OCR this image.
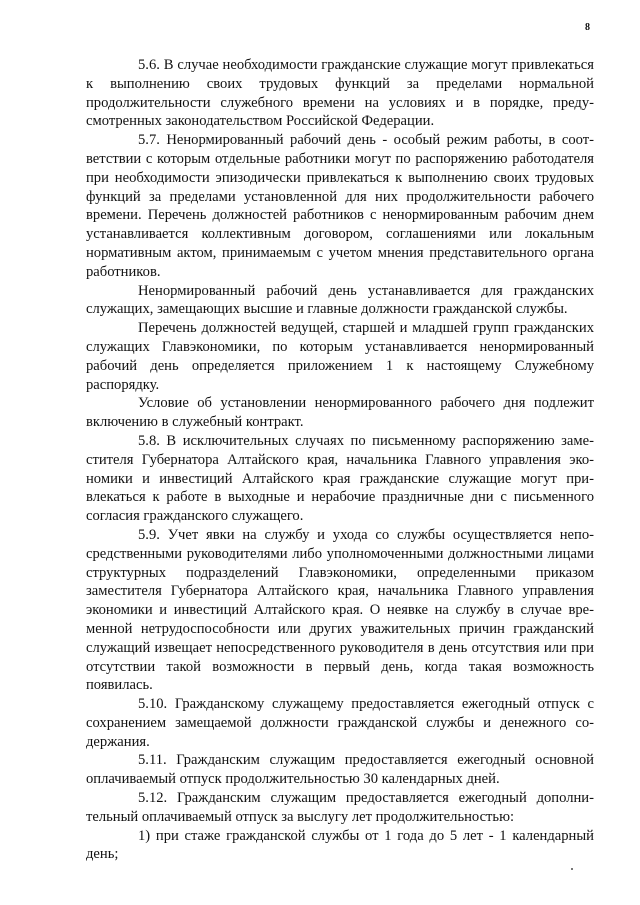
8

5.6. В случае необходимости гражданские служащие могут привлекаться к выполнению своих трудовых функций за пределами нормальной продолжительности служебного времени на условиях и в порядке, предусмотренных законодательством Российской Федерации.

5.7. Ненормированный рабочий день - особый режим работы, в соответствии с которым отдельные работники могут по распоряжению работодателя при необходимости эпизодически привлекаться к выполнению своих трудовых функций за пределами установленной для них продолжительности рабочего времени. Перечень должностей работников с ненормированным рабочим днем устанавливается коллективным договором, соглашениями или локальным нормативным актом, принимаемым с учетом мнения представительного органа работников.

Ненормированный рабочий день устанавливается для гражданских служащих, замещающих высшие и главные должности гражданской службы.

Перечень должностей ведущей, старшей и младшей групп гражданских служащих Главэкономики, по которым устанавливается ненормированный рабочий день определяется приложением 1 к настоящему Служебному распорядку.

Условие об установлении ненормированного рабочего дня подлежит включению в служебный контракт.

5.8. В исключительных случаях по письменному распоряжению заместителя Губернатора Алтайского края, начальника Главного управления экономики и инвестиций Алтайского края гражданские служащие могут привлекаться к работе в выходные и нерабочие праздничные дни с письменного согласия гражданского служащего.

5.9. Учет явки на службу и ухода со службы осуществляется непосредственными руководителями либо уполномоченными должностными лицами структурных подразделений Главэкономики, определенными приказом заместителя Губернатора Алтайского края, начальника Главного управления экономики и инвестиций Алтайского края. О неявке на службу в случае временной нетрудоспособности или других уважительных причин гражданский служащий извещает непосредственного руководителя в день отсутствия или при отсутствии такой возможности в первый день, когда такая возможность появилась.

5.10. Гражданскому служащему предоставляется ежегодный отпуск с сохранением замещаемой должности гражданской службы и денежного содержания.

5.11. Гражданским служащим предоставляется ежегодный основной оплачиваемый отпуск продолжительностью 30 календарных дней.

5.12. Гражданским служащим предоставляется ежегодный дополнительный оплачиваемый отпуск за выслугу лет продолжительностью:

1) при стаже гражданской службы от 1 года до 5 лет - 1 календарный день;
